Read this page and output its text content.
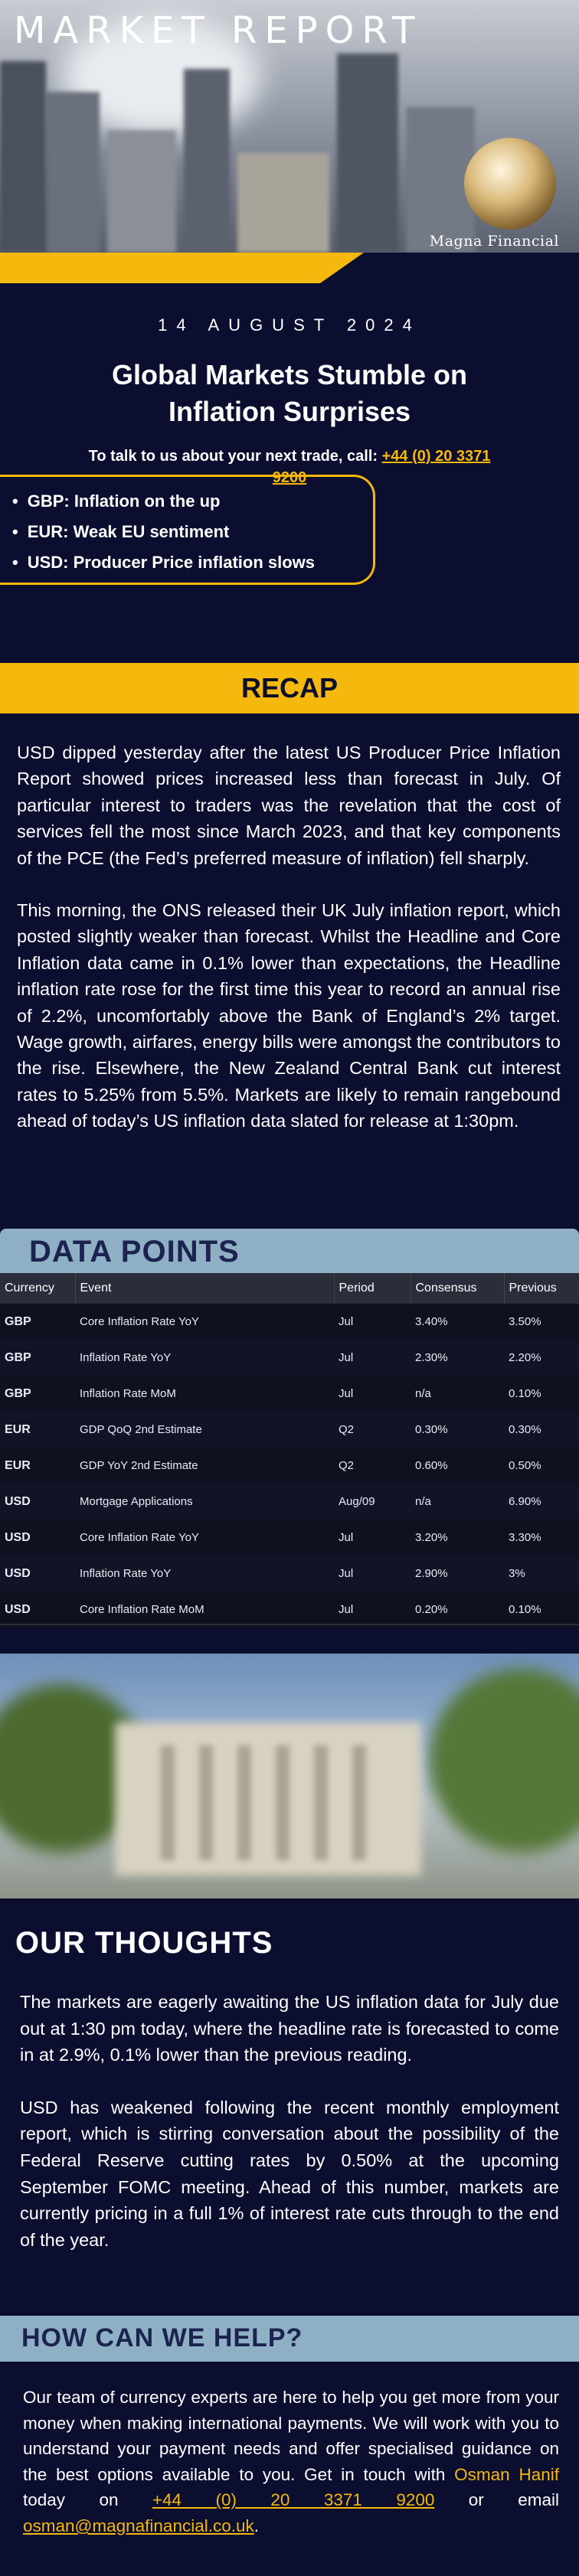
MARKET REPORT
Magna Financial
14 AUGUST 2024
Global Markets Stumble on Inflation Surprises
To talk to us about your next trade, call: +44 (0) 20 3371 9200
• GBP: Inflation on the up
• EUR: Weak EU sentiment
• USD: Producer Price inflation slows
RECAP

USD dipped yesterday after the latest US Producer Price Inflation Report showed prices increased less than forecast in July. Of particular interest to traders was the revelation that the cost of services fell the most since March 2023, and that key components of the PCE (the Fed’s preferred measure of inflation) fell sharply.

This morning, the ONS released their UK July inflation report, which posted slightly weaker than forecast. Whilst the Headline and Core Inflation data came in 0.1% lower than expectations, the Headline inflation rate rose for the first time this year to record an annual rise of 2.2%, uncomfortably above the Bank of England’s 2% target. Wage growth, airfares, energy bills were amongst the contributors to the rise. Elsewhere, the New Zealand Central Bank cut interest rates to 5.25% from 5.5%. Markets are likely to remain rangebound ahead of today’s US inflation data slated for release at 1:30pm.

DATA POINTS
Currency	Event	Period	Consensus	Previous
GBP	Core Inflation Rate YoY	Jul	3.40%	3.50%
GBP	Inflation Rate YoY	Jul	2.30%	2.20%
GBP	Inflation Rate MoM	Jul	n/a	0.10%
EUR	GDP QoQ 2nd Estimate	Q2	0.30%	0.30%
EUR	GDP YoY 2nd Estimate	Q2	0.60%	0.50%
USD	Mortgage Applications	Aug/09	n/a	6.90%
USD	Core Inflation Rate YoY	Jul	3.20%	3.30%
USD	Inflation Rate YoY	Jul	2.90%	3%
USD	Core Inflation Rate MoM	Jul	0.20%	0.10%
OUR THOUGHTS

The markets are eagerly awaiting the US inflation data for July due out at 1:30 pm today, where the headline rate is forecasted to come in at 2.9%, 0.1% lower than the previous reading.

USD has weakened following the recent monthly employment report, which is stirring conversation about the possibility of the Federal Reserve cutting rates by 0.50% at the upcoming September FOMC meeting. Ahead of this number, markets are currently pricing in a full 1% of interest rate cuts through to the end of the year.

HOW CAN WE HELP?
Our team of currency experts are here to help you get more from your money when making international payments. We will work with you to understand your payment needs and offer specialised guidance on the best options available to you. Get in touch with Osman Hanif today on +44 (0) 20 3371 9200 or email osman@magnafinancial.co.uk.
